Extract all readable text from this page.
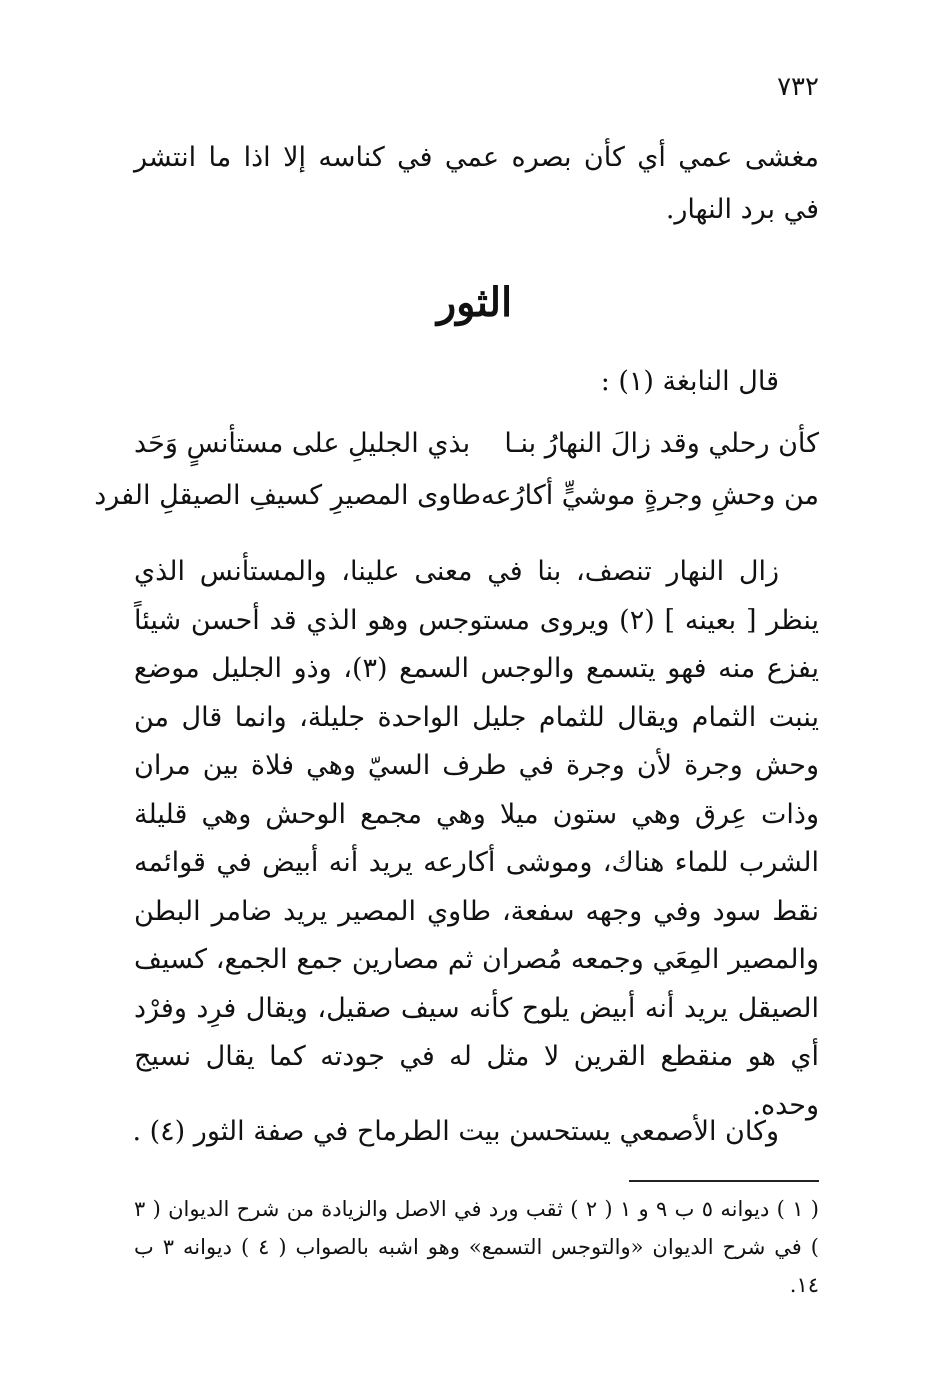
٧٣٢

مغشى عمي أي كأن بصره عمي في كناسه إلا اذا ما انتشر في برد النهار.

الثور
قال النابغة (١) :
كأن رحلي وقد زالَ النهارُ بنـا
بذي الجليلِ على مستأنسٍ وَحَد
من وحشِ وجرةٍ موشيٍّ أكارُعه
طاوى المصيرِ كسيفِ الصيقلِ الفرد

زال النهار تنصف، بنا في معنى علينا، والمستأنس الذي ينظر [ بعينه ] (٢) ويروى مستوجس وهو الذي قد أحسن شيئاً يفزع منه فهو يتسمع والوجس السمع (٣)، وذو الجليل موضع ينبت الثمام ويقال للثمام جليل الواحدة جليلة، وانما قال من وحش وجرة لأن وجرة في طرف السيّ وهي فلاة بين مران وذات عِرق وهي ستون ميلا وهي مجمع الوحش وهي قليلة الشرب للماء هناك، وموشى أكارعه يريد أنه أبيض في قوائمه نقط سود وفي وجهه سفعة، طاوي المصير يريد ضامر البطن والمصير المِعَي وجمعه مُصران ثم مصارين جمع الجمع، كسيف الصيقل يريد أنه أبيض يلوح كأنه سيف صقيل، ويقال فرِد وفرْد أي هو منقطع القرين لا مثل له في جودته كما يقال نسيج وحده.

وكان الأصمعي يستحسن بيت الطرماح في صفة الثور (٤) .

( ١ ) ديوانه ٥ ب ٩ و ١ ( ٢ ) ثقب ورد في الاصل والزيادة من شرح الديوان ( ٣ ) في شرح الديوان «والتوجس التسمع» وهو اشبه بالصواب ( ٤ ) ديوانه ٣ ب ١٤.
